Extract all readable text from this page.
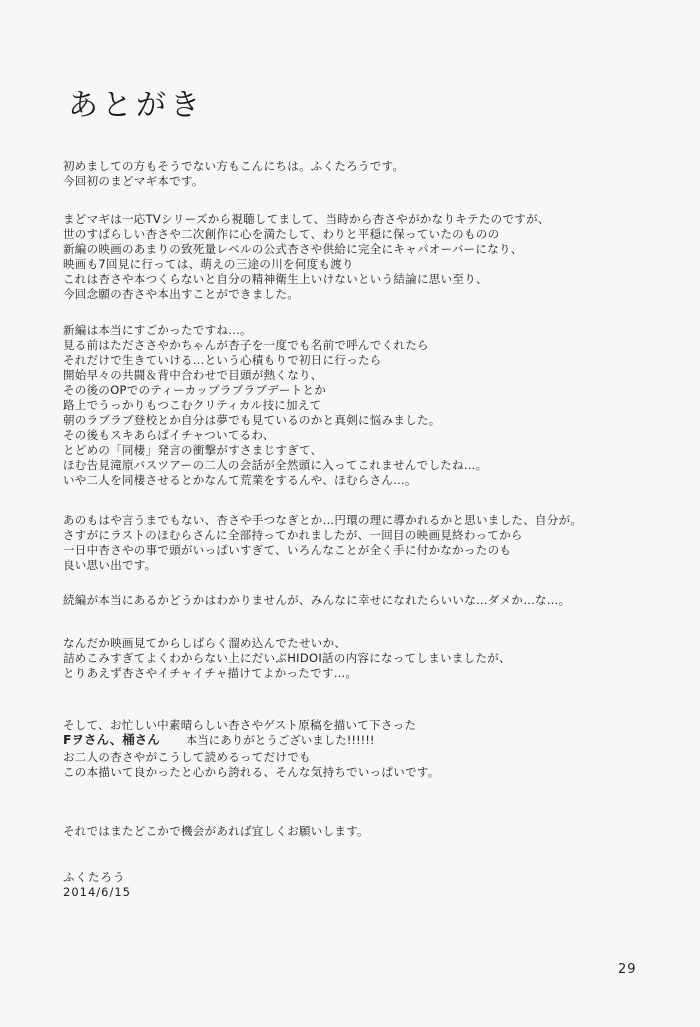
あとがき
初めましての方もそうでない方もこんにちは。ふくたろうです。
今回初のまどマギ本です。
まどマギは一応TVシリーズから視聴してまして、当時から杏さやがかなりキテたのですが、
世のすばらしい杏さや二次創作に心を満たして、わりと平穏に保っていたのものの
新編の映画のあまりの致死量レベルの公式杏さや供給に完全にキャパオーバーになり、
映画も7回見に行っては、萌えの三途の川を何度も渡り
これは杏さや本つくらないと自分の精神衛生上いけないという結論に思い至り、
今回念願の杏さや本出すことができました。
新編は本当にすごかったですね…。
見る前はただささやかちゃんが杏子を一度でも名前で呼んでくれたら
それだけで生きていける…という心積もりで初日に行ったら
開始早々の共闘＆背中合わせで目頭が熱くなり、
その後のOPでのティーカップラブラブデートとか
路上でうっかりもつこむクリティカル技に加えて
朝のラブラブ登校とか自分は夢でも見ているのかと真剣に悩みました。
その後もスキあらばイチャついてるわ、
とどめの「同棲」発言の衝撃がすさまじすぎて、
ほむ告見滝原バスツアーの二人の会話が全然頭に入ってこれませんでしたね…。
いや二人を同棲させるとかなんて荒業をするんや、ほむらさん…。
あのもはや言うまでもない、杏さや手つなぎとか…円環の理に導かれるかと思いました、自分が。
さすがにラストのほむらさんに全部持ってかれましたが、一回目の映画見終わってから
一日中杏さやの事で頭がいっぱいすぎて、いろんなことが全く手に付かなかったのも
良い思い出です。
続編が本当にあるかどうかはわかりませんが、みんなに幸せになれたらいいな…ダメか…な…。
なんだか映画見てからしばらく溜め込んでたせいか、
詰めこみすぎてよくわからない上にだいぶHIDOI話の内容になってしまいましたが、
とりあえず杏さやイチャイチャ描けてよかったです…。
そして、お忙しい中素晴らしい杏さやゲスト原稿を描いて下さった
Fヲさん、桶さん 本当にありがとうございました!!!!!!
お二人の杏さやがこうして読めるってだけでも
この本描いて良かったと心から誇れる、そんな気持ちでいっぱいです。
それではまたどこかで機会があれば宜しくお願いします。
ふくたろう
2014/6/15
29
